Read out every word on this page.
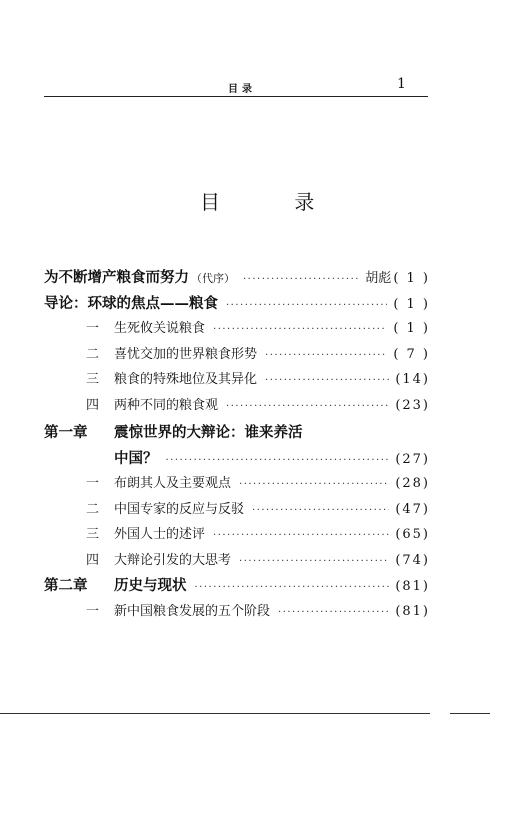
目录	1
目 录
为不断增产粮食而努力 （代序） ·····	胡彪 ( 1 )
导论：环球的焦点——粮食 ·····	( 1 )
一	生死攸关说粮食 ·····	( 1 )
二	喜忧交加的世界粮食形势 ·····	( 7 )
三	粮食的特殊地位及其异化 ·····	(14)
四	两种不同的粮食观 ·····	(23)
第一章	震惊世界的大辩论：谁来养活
中国？ ·····	(27)
一	布朗其人及主要观点 ·····	(28)
二	中国专家的反应与反驳 ·····	(47)
三	外国人士的述评 ·····	(65)
四	大辩论引发的大思考 ·····	(74)
第二章	历史与现状 ·····	(81)
一	新中国粮食发展的五个阶段 ·····	(81)
